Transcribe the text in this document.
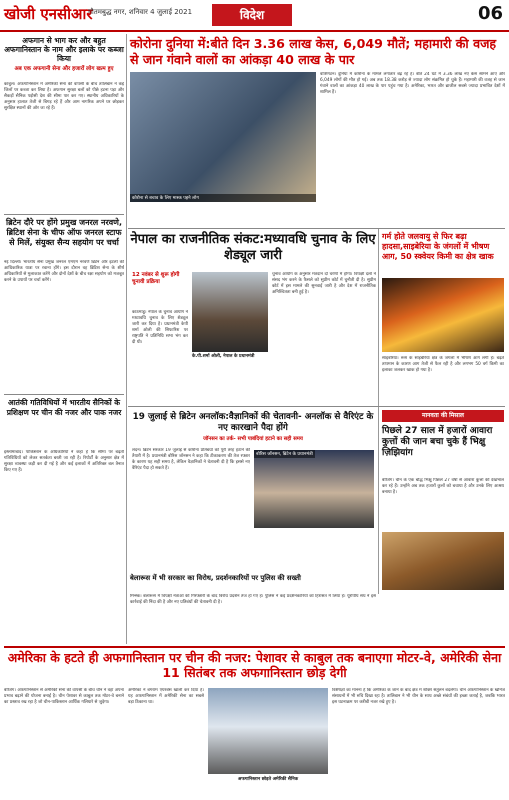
खोजी एनसीआर
गौतमबुद्ध नगर, शनिवार 4 जुलाई 2021	विदेश	06
अफगान से भाग कर और बहुत अफगानिस्तान के नाम और इलाके पर कब्जा किया
अब एक अफगानी सेना और हजारों लोग खत्म हुए
काबुल। अफगानिस्तान में अमेरिकी सेना की वापसी के बीच तालिबान ने कई जिलों पर कब्जा कर लिया है। अफगान सुरक्षा बलों को पीछे हटना पड़ा और सैकड़ों सैनिक पड़ोसी देश की सीमा पार कर गए। स्थानीय अधिकारियों के अनुसार हालात तेजी से बिगड़ रहे हैं और आम नागरिक अपने घर छोड़कर सुरक्षित स्थानों की ओर जा रहे हैं।
ब्रिटेन दौरे पर होंगे प्रमुख जनरल नरवणे, ब्रिटिश सेना के चीफ ऑफ जनरल स्टाफ से मिलें, संयुक्त सैन्य सहयोग पर चर्चा
नई दिल्ली। भारतीय सेना प्रमुख जनरल एमएम नरवणे ब्रिटेन और इटली की आधिकारिक यात्रा पर रवाना होंगे। इस दौरान वह ब्रिटिश सेना के शीर्ष अधिकारियों से मुलाकात करेंगे और दोनों देशों के बीच रक्षा सहयोग को मजबूत करने के उपायों पर चर्चा करेंगे।
आतंकी गतिविधियों में भारतीय सैनिकों के प्रशिक्षण पर चीन की नजर और पाक नजर
इस्लामाबाद। पाकिस्तान के अधिकारियों ने कहा है कि सीमा पर बढ़ती गतिविधियों को लेकर सतर्कता बरती जा रही है। रिपोर्टों के अनुसार क्षेत्र में सुरक्षा व्यवस्था कड़ी कर दी गई है और कई इलाकों में अतिरिक्त बल तैनात किए गए हैं।
कोरोना दुनिया में:बीते दिन 3.36 लाख केस, 6,049 मौतें; महामारी की वजह से जान गंवाने वालों का आंकड़ा 40 लाख के पार
कोरोना से बचाव के लिए मास्क पहने लोग
वॉशिंगटन। दुनिया में कोरोना के मामले लगातार बढ़ रहे हैं। बीते 24 घंटे में 3.36 लाख नए केस सामने आए और 6,049 लोगों की मौत हो गई। अब तक 18.38 करोड़ से ज्यादा लोग संक्रमित हो चुके हैं। महामारी की वजह से जान गंवाने वालों का आंकड़ा 40 लाख के पार पहुंच गया है। अमेरिका, भारत और ब्राजील सबसे ज्यादा प्रभावित देशों में शामिल हैं।
नेपाल का राजनीतिक संकट:मध्यावधि चुनाव के लिए शेड्यूल जारी
12 नवंबर से शुरू होगी चुनावी प्रक्रिया
काठमांडू। नेपाल के चुनाव आयोग ने मध्यावधि चुनाव के लिए शेड्यूल जारी कर दिया है। प्रधानमंत्री केपी शर्मा ओली की सिफारिश पर राष्ट्रपति ने प्रतिनिधि सभा भंग कर दी थी।
के.पी.शर्मा ओली, नेपाल के प्रधानमंत्री
चुनाव आयोग के अनुसार मतदान दो चरणों में होगा। विपक्षी दलों ने संसद भंग करने के फैसले को सुप्रीम कोर्ट में चुनौती दी है। सुप्रीम कोर्ट में इस मामले की सुनवाई जारी है और देश में राजनीतिक अनिश्चितता बनी हुई है।
गर्म होते जलवायु से फिर बढ़ा हादसा,साइबेरिया के जंगलों में भीषण आग, 50 स्क्वेयर किमी का क्षेत्र खाक
साइबेरिया। रूस के साइबेरिया क्षेत्र के जंगलों में भीषण आग लगी है। बढ़ते तापमान के कारण आग तेजी से फैल रही है और लगभग 50 वर्ग किमी का इलाका जलकर खाक हो गया है।
19 जुलाई से ब्रिटेन अनलॉक:वैज्ञानिकों की चेतावनी- अनलॉक से वैरिएंट के नए कारखाने पैदा होंगे
जॉनसन का तर्क- सभी पाबंदियां हटाने का सही समय
लंदन। ब्रिटेन सरकार 19 जुलाई से कोरोना प्रतिबंधों को पूरी तरह हटाने की तैयारी में है। प्रधानमंत्री बोरिस जॉनसन ने कहा कि टीकाकरण की तेज रफ्तार के कारण यह सही समय है, लेकिन वैज्ञानिकों ने चेतावनी दी है कि इससे नए वैरिएंट पैदा हो सकते हैं।
बोरिस जॉनसन, ब्रिटेन के प्रधानमंत्री
मानवता की मिसाल
पिछले 27 साल में हजारों आवारा कुत्तों की जान बचा चुके हैं भिक्षु ज़िझियांग
बीजिंग। चीन के एक बौद्ध भिक्षु पिछले 27 वर्षों से आवारा कुत्तों की देखभाल कर रहे हैं। उन्होंने अब तक हजारों कुत्तों को बचाया है और उनके लिए आश्रय बनाया है।
बेलारूस में भी सरकार का विरोध, प्रदर्शनकारियों पर पुलिस की सख्ती
मिन्स्क। बेलारूस में विपक्षी नेताओं की गिरफ्तारी के बाद विरोध प्रदर्शन तेज हो गए हैं। पुलिस ने कई प्रदर्शनकारियों को हिरासत में लिया है। यूरोपीय संघ ने इस कार्रवाई की निंदा की है और नए प्रतिबंधों की चेतावनी दी है।
अमेरिका के हटते ही अफगानिस्तान पर चीन की नजर: पेशावर से काबुल तक बनाएगा मोटर-वे, अमेरिकी सेना 11 सितंबर तक अफगानिस्तान छोड़ देगी
बीजिंग। अफगानिस्तान से अमेरिकी सेना की वापसी के बीच चीन ने वहां अपना प्रभाव बढ़ाने की योजना बनाई है। चीन पेशावर से काबुल तक मोटर-वे बनाने का प्रस्ताव रख रहा है जो चीन-पाकिस्तान आर्थिक गलियारे से जुड़ेगा।
अमेरिका ने बगराम एयरबेस खाली कर दिया है। यह अफगानिस्तान में अमेरिकी सेना का सबसे बड़ा ठिकाना था।
अफगानिस्तान छोड़ते अमेरिकी सैनिक
विशेषज्ञों का मानना है कि अमेरिका के जाने के बाद क्षेत्र में शक्ति संतुलन बदलेगा। चीन अफगानिस्तान के खनिज संसाधनों में भी रुचि दिखा रहा है। तालिबान ने भी चीन के साथ अच्छे संबंधों की इच्छा जताई है, जबकि भारत इस घटनाक्रम पर करीबी नजर रखे हुए है।
